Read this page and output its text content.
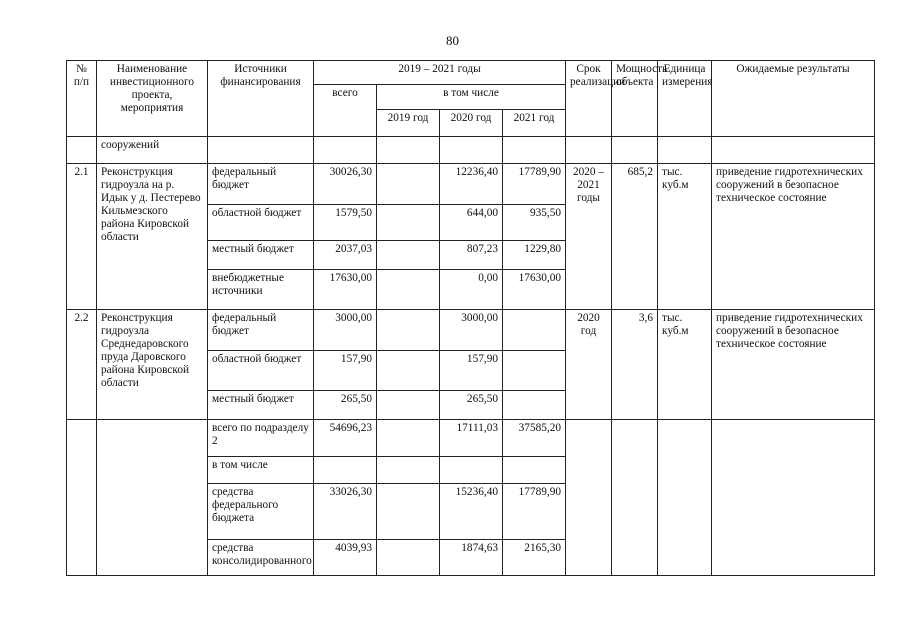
80
№ п/п	Наименование инвестиционного проекта, мероприятия	Источники финансирования	2019 – 2021 годы				Срок реализации	Мощность объекта	Единица измерения	Ожидаемые результаты
			всего	в том числе						
				2019 год	2020 год	2021 год				
	сооружений									
2.1	Реконструкция гидроузла на р. Идык у д. Пестерево Кильмезского района Кировской области	федеральный бюджет	30026,30		12236,40	17789,90	2020 – 2021 годы	685,2	тыс. куб.м	приведение гидротехнических сооружений в безопасное техническое состояние
		областной бюджет	1579,50		644,00	935,50				
		местный бюджет	2037,03		807,23	1229,80				
		внебюджетные источники	17630,00		0,00	17630,00				
2.2	Реконструкция гидроузла Среднедаровского пруда Даровского района Кировской области	федеральный бюджет	3000,00		3000,00		2020 год	3,6	тыс. куб.м	приведение гидротехнических сооружений в безопасное техническое состояние
		областной бюджет	157,90		157,90					
		местный бюджет	265,50		265,50					
		всего по подразделу 2	54696,23		17111,03	37585,20				
		в том числе								
		средства федерального бюджета	33026,30		15236,40	17789,90				
		средства консолидированного	4039,93		1874,63	2165,30				
